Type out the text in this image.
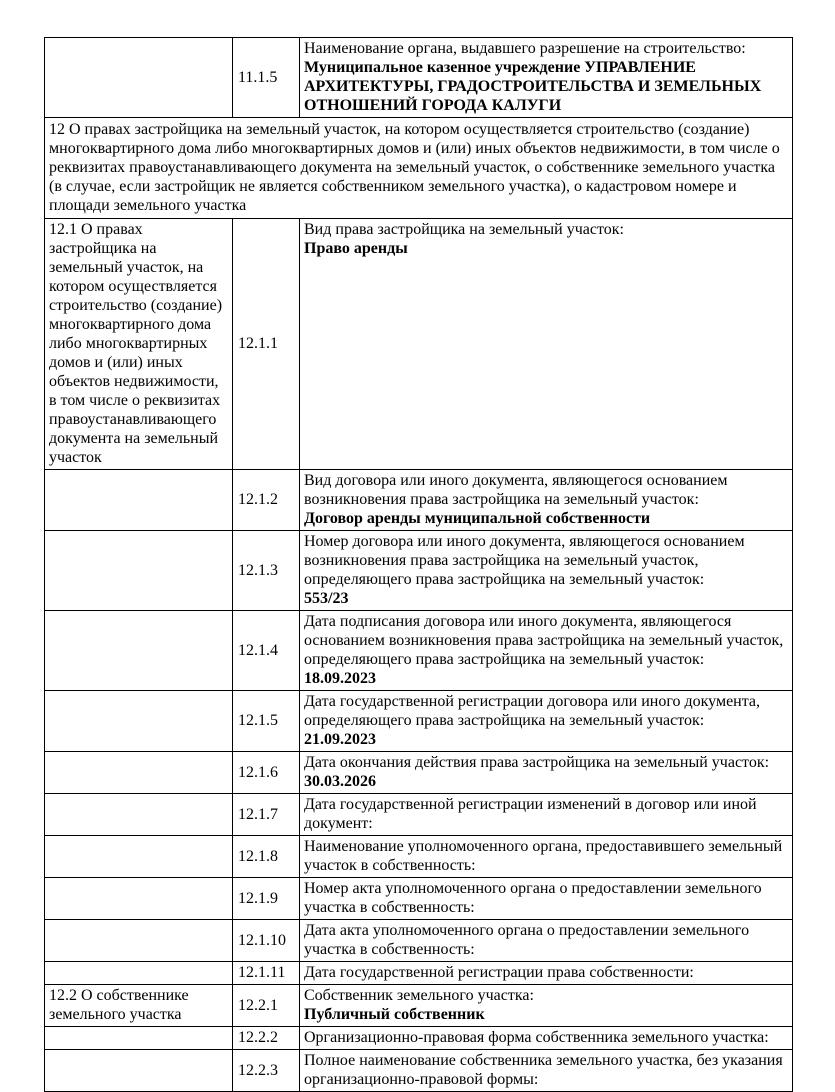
	11.1.5	Наименование органа, выдавшего разрешение на строительство:
Муниципальное казенное учреждение УПРАВЛЕНИЕ АРХИТЕКТУРЫ, ГРАДОСТРОИТЕЛЬСТВА И ЗЕМЕЛЬНЫХ ОТНОШЕНИЙ ГОРОДА КАЛУГИ

12 О правах застройщика на земельный участок, на котором осуществляется строительство (создание) многоквартирного дома либо многоквартирных домов и (или) иных объектов недвижимости, в том числе о реквизитах правоустанавливающего документа на земельный участок, о собственнике земельного участка (в случае, если застройщик не является собственником земельного участка), о кадастровом номере и площади земельного участка		
12.1 О правах застройщика на земельный участок, на котором осуществляется строительство (создание) многоквартирного дома либо многоквартирных домов и (или) иных объектов недвижимости, в том числе о реквизитах правоустанавливающего документа на земельный участок	12.1.1	Вид права застройщика на земельный участок:
Право аренды

	12.1.2	Вид договора или иного документа, являющегося основанием возникновения права застройщика на земельный участок:
Договор аренды муниципальной собственности

	12.1.3	Номер договора или иного документа, являющегося основанием возникновения права застройщика на земельный участок, определяющего права застройщика на земельный участок:
553/23

	12.1.4	Дата подписания договора или иного документа, являющегося основанием возникновения права застройщика на земельный участок, определяющего права застройщика на земельный участок:
18.09.2023

	12.1.5	Дата государственной регистрации договора или иного документа, определяющего права застройщика на земельный участок:
21.09.2023

	12.1.6	Дата окончания действия права застройщика на земельный участок:
30.03.2026

	12.1.7	Дата государственной регистрации изменений в договор или иной документ:

	12.1.8	Наименование уполномоченного органа, предоставившего земельный участок в собственность:

	12.1.9	Номер акта уполномоченного органа о предоставлении земельного участка в собственность:

	12.1.10	Дата акта уполномоченного органа о предоставлении земельного участка в собственность:

	12.1.11	Дата государственной регистрации права собственности:

12.2 О собственнике земельного участка	12.2.1	Собственник земельного участка:
Публичный собственник

	12.2.2	Организационно-правовая форма собственника земельного участка:

	12.2.3	Полное наименование собственника земельного участка, без указания организационно-правовой формы:
